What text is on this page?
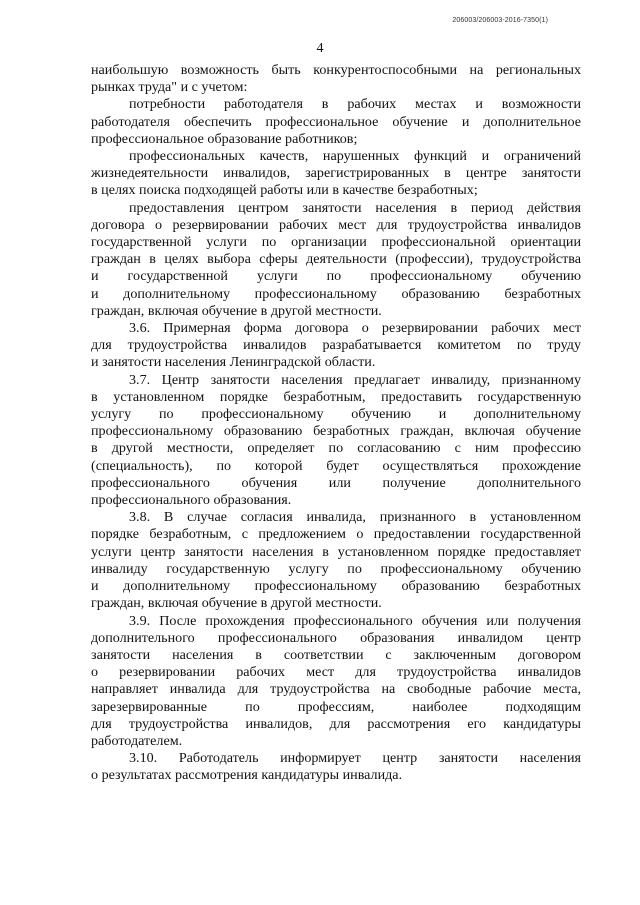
206003/206003-2016-7350(1)
4

наибольшую возможность быть конкурентоспособными на региональных
рынках труда" и с учетом:

потребности работодателя в рабочих местах и возможности
работодателя обеспечить профессиональное обучение и дополнительное
профессиональное образование работников;

профессиональных качеств, нарушенных функций и ограничений
жизнедеятельности инвалидов, зарегистрированных в центре занятости
в целях поиска подходящей работы или в качестве безработных;

предоставления центром занятости населения в период действия
договора о резервировании рабочих мест для трудоустройства инвалидов
государственной услуги по организации профессиональной ориентации
граждан в целях выбора сферы деятельности (профессии), трудоустройства
и государственной услуги по профессиональному обучению
и дополнительному профессиональному образованию безработных
граждан, включая обучение в другой местности.

3.6. Примерная форма договора о резервировании рабочих мест
для трудоустройства инвалидов разрабатывается комитетом по труду
и занятости населения Ленинградской области.

3.7. Центр занятости населения предлагает инвалиду, признанному
в установленном порядке безработным, предоставить государственную
услугу по профессиональному обучению и дополнительному
профессиональному образованию безработных граждан, включая обучение
в другой местности, определяет по согласованию с ним профессию
(специальность), по которой будет осуществляться прохождение
профессионального обучения или получение дополнительного
профессионального образования.

3.8. В случае согласия инвалида, признанного в установленном
порядке безработным, с предложением о предоставлении государственной
услуги центр занятости населения в установленном порядке предоставляет
инвалиду государственную услугу по профессиональному обучению
и дополнительному профессиональному образованию безработных
граждан, включая обучение в другой местности.

3.9. После прохождения профессионального обучения или получения
дополнительного профессионального образования инвалидом центр
занятости населения в соответствии с заключенным договором
о резервировании рабочих мест для трудоустройства инвалидов
направляет инвалида для трудоустройства на свободные рабочие места,
зарезервированные по профессиям, наиболее подходящим
для трудоустройства инвалидов, для рассмотрения его кандидатуры
работодателем.

3.10. Работодатель информирует центр занятости населения
о результатах рассмотрения кандидатуры инвалида.
